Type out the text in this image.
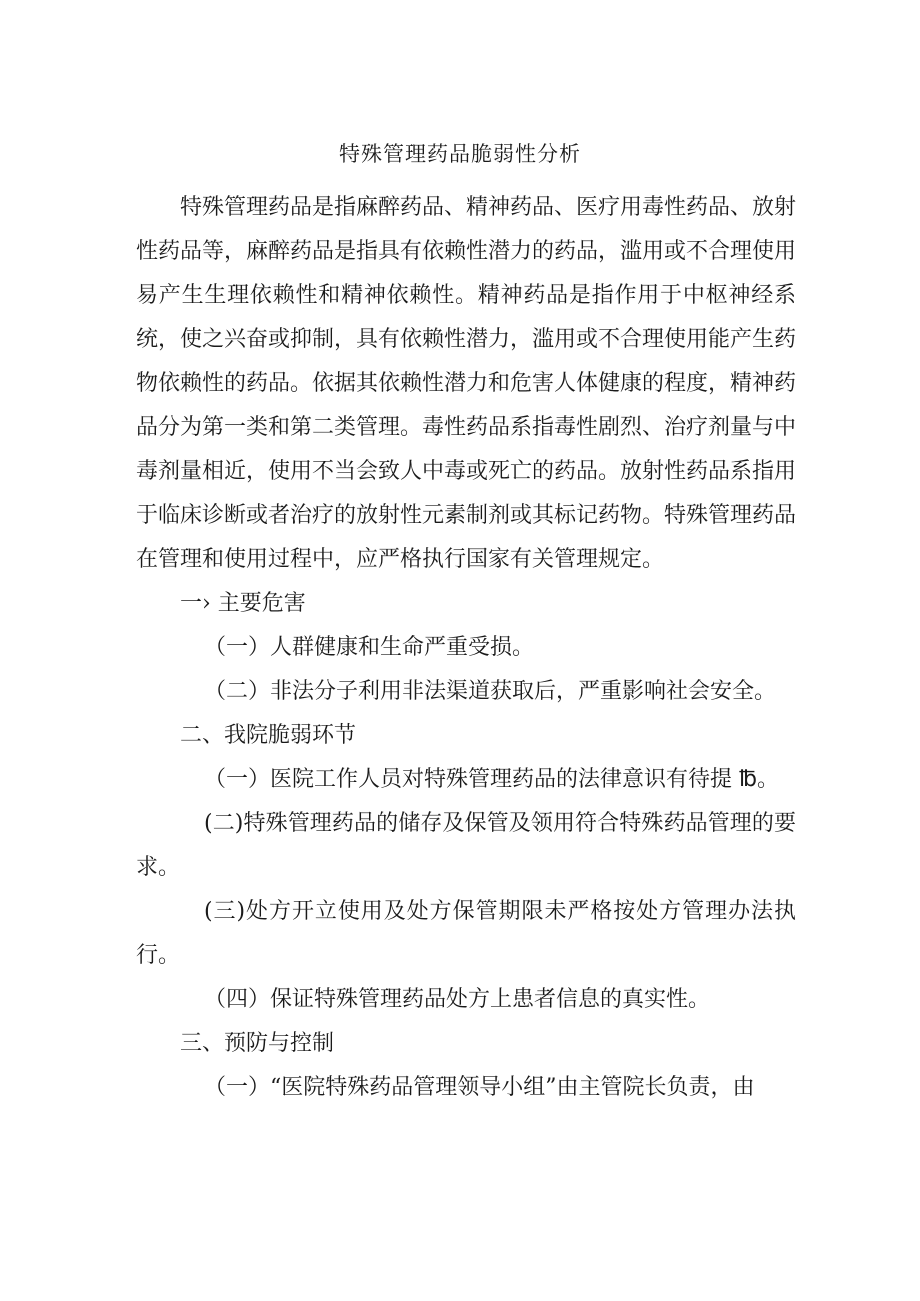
特殊管理药品脆弱性分析

特殊管理药品是指麻醉药品、精神药品、医疗用毒性药品、放射性药品等，麻醉药品是指具有依赖性潜力的药品，滥用或不合理使用易产生生理依赖性和精神依赖性。精神药品是指作用于中枢神经系统，使之兴奋或抑制，具有依赖性潜力，滥用或不合理使用能产生药物依赖性的药品。依据其依赖性潜力和危害人体健康的程度，精神药品分为第一类和第二类管理。毒性药品系指毒性剧烈、治疗剂量与中毒剂量相近，使用不当会致人中毒或死亡的药品。放射性药品系指用于临床诊断或者治疗的放射性元素制剂或其标记药物。特殊管理药品在管理和使用过程中，应严格执行国家有关管理规定。

一› 主要危害

（一）人群健康和生命严重受损。

（二）非法分子利用非法渠道获取后，严重影响社会安全。

二、我院脆弱环节

（一）医院工作人员对特殊管理药品的法律意识有待提 ℔。

(二)特殊管理药品的储存及保管及领用符合特殊药品管理的要求。

(三)处方开立使用及处方保管期限未严格按处方管理办法执行。

（四）保证特殊管理药品处方上患者信息的真实性。

三、预防与控制

（一）“医院特殊药品管理领导小组”由主管院长负责，由
